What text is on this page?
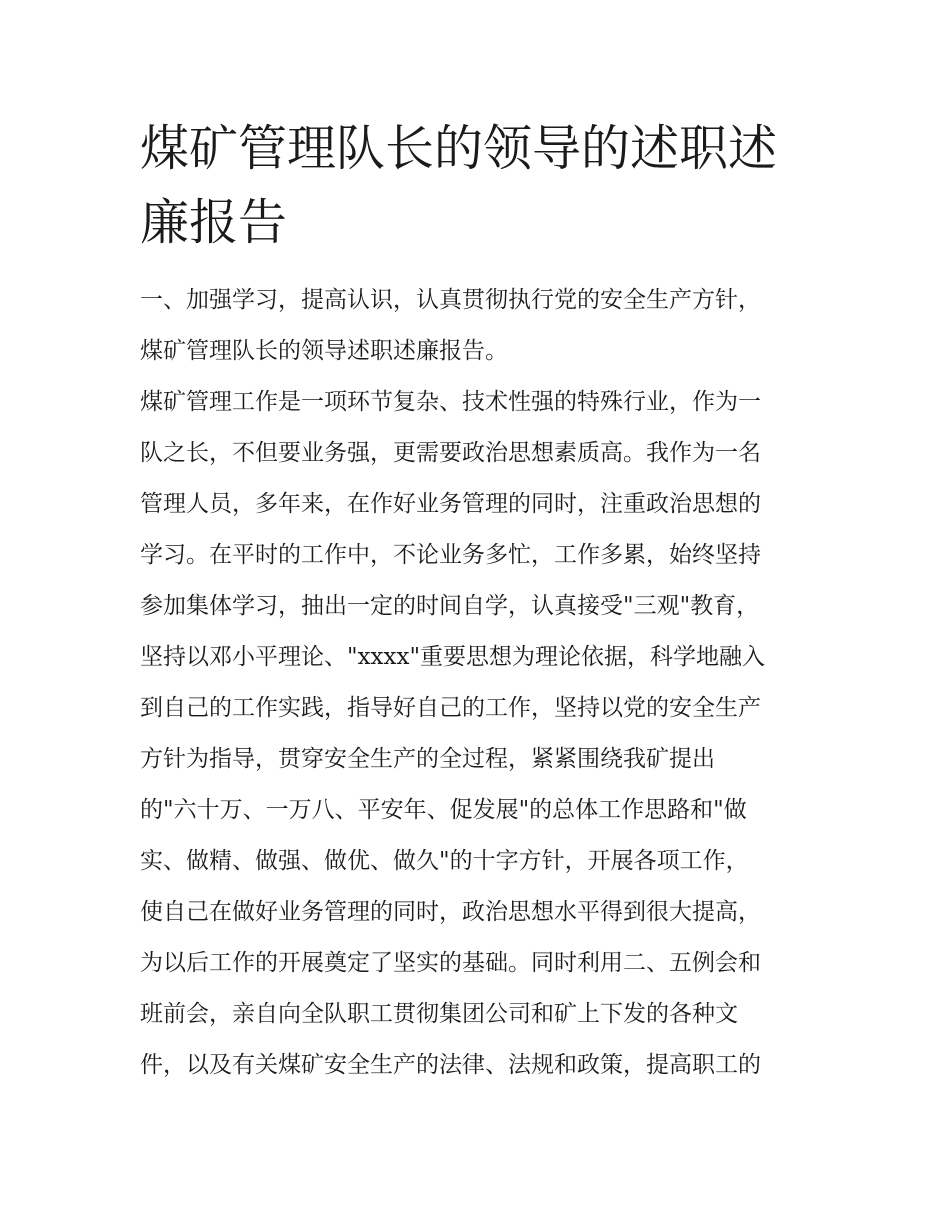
煤矿管理队长的领导的述职述
廉报告
一、加强学习，提高认识，认真贯彻执行党的安全生产方针，
煤矿管理队长的领导述职述廉报告。
煤矿管理工作是一项环节复杂、技术性强的特殊行业，作为一
队之长，不但要业务强，更需要政治思想素质高。我作为一名
管理人员，多年来，在作好业务管理的同时，注重政治思想的
学习。在平时的工作中，不论业务多忙，工作多累，始终坚持
参加集体学习，抽出一定的时间自学，认真接受"三观"教育，
坚持以邓小平理论、"xxxx"重要思想为理论依据，科学地融入
到自己的工作实践，指导好自己的工作，坚持以党的安全生产
方针为指导，贯穿安全生产的全过程，紧紧围绕我矿提出
的"六十万、一万八、平安年、促发展"的总体工作思路和"做
实、做精、做强、做优、做久"的十字方针，开展各项工作，
使自己在做好业务管理的同时，政治思想水平得到很大提高，
为以后工作的开展奠定了坚实的基础。同时利用二、五例会和
班前会，亲自向全队职工贯彻集团公司和矿上下发的各种文
件，以及有关煤矿安全生产的法律、法规和政策，提高职工的
